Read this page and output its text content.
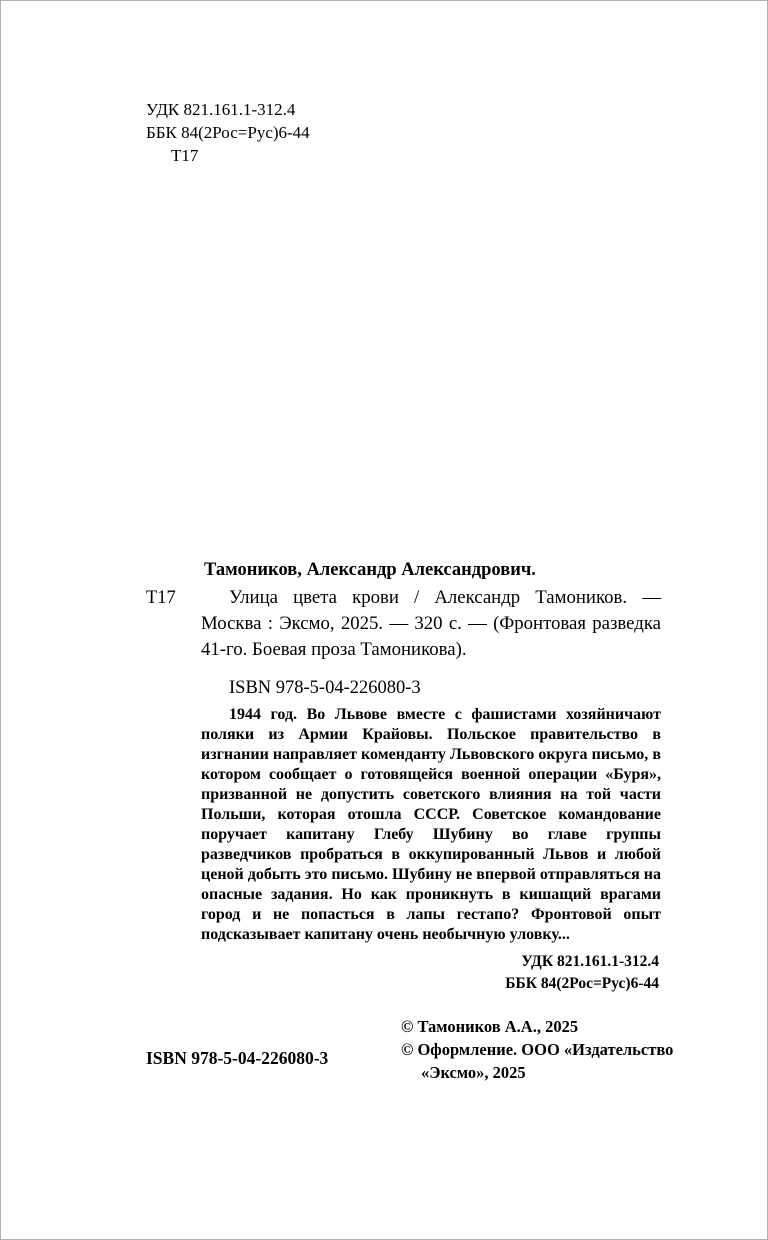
УДК 821.161.1-312.4
ББК 84(2Рос=Рус)6-44
Т17

Тамоников, Александр Александрович.

Т17	Улица цвета крови / Александр Тамоников. — Москва : Эксмо, 2025. — 320 с. — (Фронтовая разведка 41-го. Боевая проза Тамоникова).

ISBN 978-5-04-226080-3

1944 год. Во Львове вместе с фашистами хозяйничают поляки из Армии Крайовы. Польское правительство в изгнании направляет коменданту Львовского округа письмо, в котором сообщает о готовящейся военной операции «Буря», призванной не допустить советского влияния на той части Польши, которая отошла СССР. Советское командование поручает капитану Глебу Шубину во главе группы разведчиков пробраться в оккупированный Львов и любой ценой добыть это письмо. Шубину не впервой отправляться на опасные задания. Но как проникнуть в кишащий врагами город и не попасться в лапы гестапо? Фронтовой опыт подсказывает капитану очень необычную уловку...

УДК 821.161.1-312.4
ББК 84(2Рос=Рус)6-44
© Тамоников А.А., 2025
© Оформление. ООО «Издательство
«Эксмо», 2025
ISBN 978-5-04-226080-3
